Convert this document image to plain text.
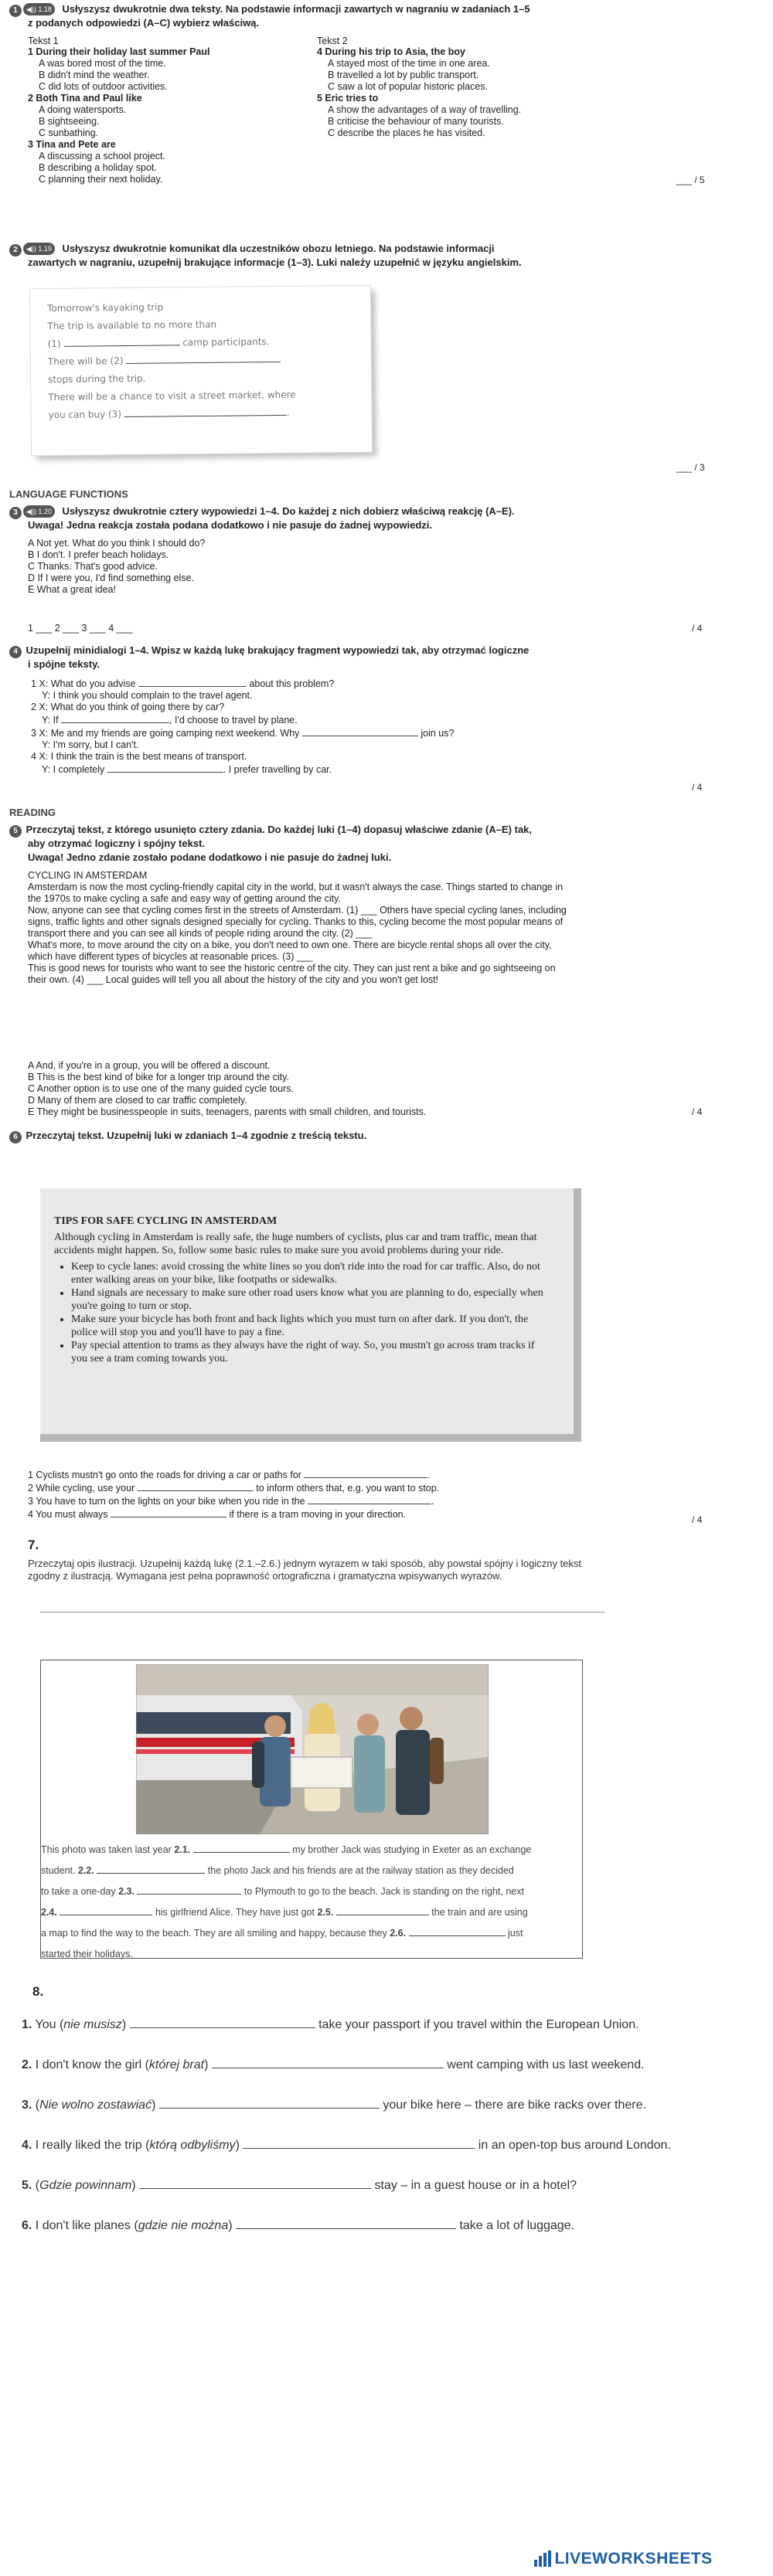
1 ◀)) 1.18 Usłyszysz dwukrotnie dwa teksty. Na podstawie informacji zawartych w nagraniu w zadaniach 1–5
z podanych odpowiedzi (A–C) wybierz właściwą.
Tekst 1
1 During their holiday last summer Paul
A was bored most of the time.
B didn't mind the weather.
C did lots of outdoor activities.
2 Both Tina and Paul like
A doing watersports.
B sightseeing.
C sunbathing.
3 Tina and Pete are
A discussing a school project.
B describing a holiday spot.
C planning their next holiday.
Tekst 2
4 During his trip to Asia, the boy
A stayed most of the time in one area.
B travelled a lot by public transport.
C saw a lot of popular historic places.
5 Eric tries to
A show the advantages of a way of travelling.
B criticise the behaviour of many tourists.
C describe the places he has visited.
___ / 5
2 ◀)) 1.19 Usłyszysz dwukrotnie komunikat dla uczestników obozu letniego. Na podstawie informacji
zawartych w nagraniu, uzupełnij brakujące informacje (1–3). Luki należy uzupełnić w języku angielskim.
Tomorrow's kayaking trip
The trip is available to no more than
(1)	camp participants.
There will be (2)
stops during the trip.
There will be a chance to visit a street market, where
you can buy (3)	.
___ / 3
LANGUAGE FUNCTIONS
3 ◀)) 1.20 Usłyszysz dwukrotnie cztery wypowiedzi 1–4. Do każdej z nich dobierz właściwą reakcję (A–E).
Uwaga! Jedna reakcja została podana dodatkowo i nie pasuje do żadnej wypowiedzi.
A Not yet. What do you think I should do?
B I don't. I prefer beach holidays.
C Thanks. That's good advice.
D If I were you, I'd find something else.
E What a great idea!
1 ___ 2 ___ 3 ___ 4 ___	/ 4
4 Uzupełnij minidialogi 1–4. Wpisz w każdą lukę brakujący fragment wypowiedzi tak, aby otrzymać logiczne
i spójne teksty.
1 X: What do you advise	about this problem?
Y: I think you should complain to the travel agent.
2 X: What do you think of going there by car?
Y: If	, I'd choose to travel by plane.
3 X: Me and my friends are going camping next weekend. Why	join us?
Y: I'm sorry, but I can't.
4 X: I think the train is the best means of transport.
Y: I completely	. I prefer travelling by car.
/ 4
READING
5 Przeczytaj tekst, z którego usunięto cztery zdania. Do każdej luki (1–4) dopasuj właściwe zdanie (A–E) tak,
aby otrzymać logiczny i spójny tekst.
Uwaga! Jedno zdanie zostało podane dodatkowo i nie pasuje do żadnej luki.
CYCLING IN AMSTERDAM
Amsterdam is now the most cycling-friendly capital city in the world, but it wasn't always the case. Things started to change in the 1970s to make cycling a safe and easy way of getting around the city.
Now, anyone can see that cycling comes first in the streets of Amsterdam. (1) ___ Others have special cycling lanes, including signs, traffic lights and other signals designed specially for cycling. Thanks to this, cycling become the most popular means of transport there and you can see all kinds of people riding around the city. (2) ___
What's more, to move around the city on a bike, you don't need to own one. There are bicycle rental shops all over the city, which have different types of bicycles at reasonable prices. (3) ___
This is good news for tourists who want to see the historic centre of the city. They can just rent a bike and go sightseeing on their own. (4) ___ Local guides will tell you all about the history of the city and you won't get lost!
A And, if you're in a group, you will be offered a discount.
B This is the best kind of bike for a longer trip around the city.
C Another option is to use one of the many guided cycle tours.
D Many of them are closed to car traffic completely.
E They might be businesspeople in suits, teenagers, parents with small children, and tourists.	/ 4
6 Przeczytaj tekst. Uzupełnij luki w zdaniach 1–4 zgodnie z treścią tekstu.
TIPS FOR SAFE CYCLING IN AMSTERDAM
Although cycling in Amsterdam is really safe, the huge numbers of cyclists, plus car and tram traffic, mean that accidents might happen. So, follow some basic rules to make sure you avoid problems during your ride.
• Keep to cycle lanes: avoid crossing the white lines so you don't ride into the road for car traffic. Also, do not enter walking areas on your bike, like footpaths or sidewalks.
• Hand signals are necessary to make sure other road users know what you are planning to do, especially when you're going to turn or stop.
• Make sure your bicycle has both front and back lights which you must turn on after dark. If you don't, the police will stop you and you'll have to pay a fine.
• Pay special attention to trams as they always have the right of way. So, you mustn't go across tram tracks if you see a tram coming towards you.
1 Cyclists mustn't go onto the roads for driving a car or paths for	.
2 While cycling, use your	to inform others that, e.g. you want to stop.
3 You have to turn on the lights on your bike when you ride in the	.
4 You must always	if there is a tram moving in your direction.	/ 4
7.
Przeczytaj opis ilustracji. Uzupełnij każdą lukę (2.1.–2.6.) jednym wyrazem w taki sposób, aby powstał spójny i logiczny tekst zgodny z ilustracją. Wymagana jest pełna poprawność ortograficzna i gramatyczna wpisywanych wyrazów.
This photo was taken last year 2.1.	my brother Jack was studying in Exeter as an exchange
student. 2.2.	the photo Jack and his friends are at the railway station as they decided
to take a one-day 2.3.	to Plymouth to go to the beach. Jack is standing on the right, next
2.4.	his girlfriend Alice. They have just got 2.5.	the train and are using
a map to find the way to the beach. They are all smiling and happy, because they 2.6.	just
started their holidays.
8.
1. You (nie musisz)	take your passport if you travel within the European Union.
2. I don't know the girl (której brat)	went camping with us last weekend.
3. (Nie wolno zostawiać)	your bike here – there are bike racks over there.
4. I really liked the trip (którą odbyliśmy)	in an open-top bus around London.
5. (Gdzie powinnam)	stay – in a guest house or in a hotel?
6. I don't like planes (gdzie nie można)	take a lot of luggage.
LIVEWORKSHEETS
